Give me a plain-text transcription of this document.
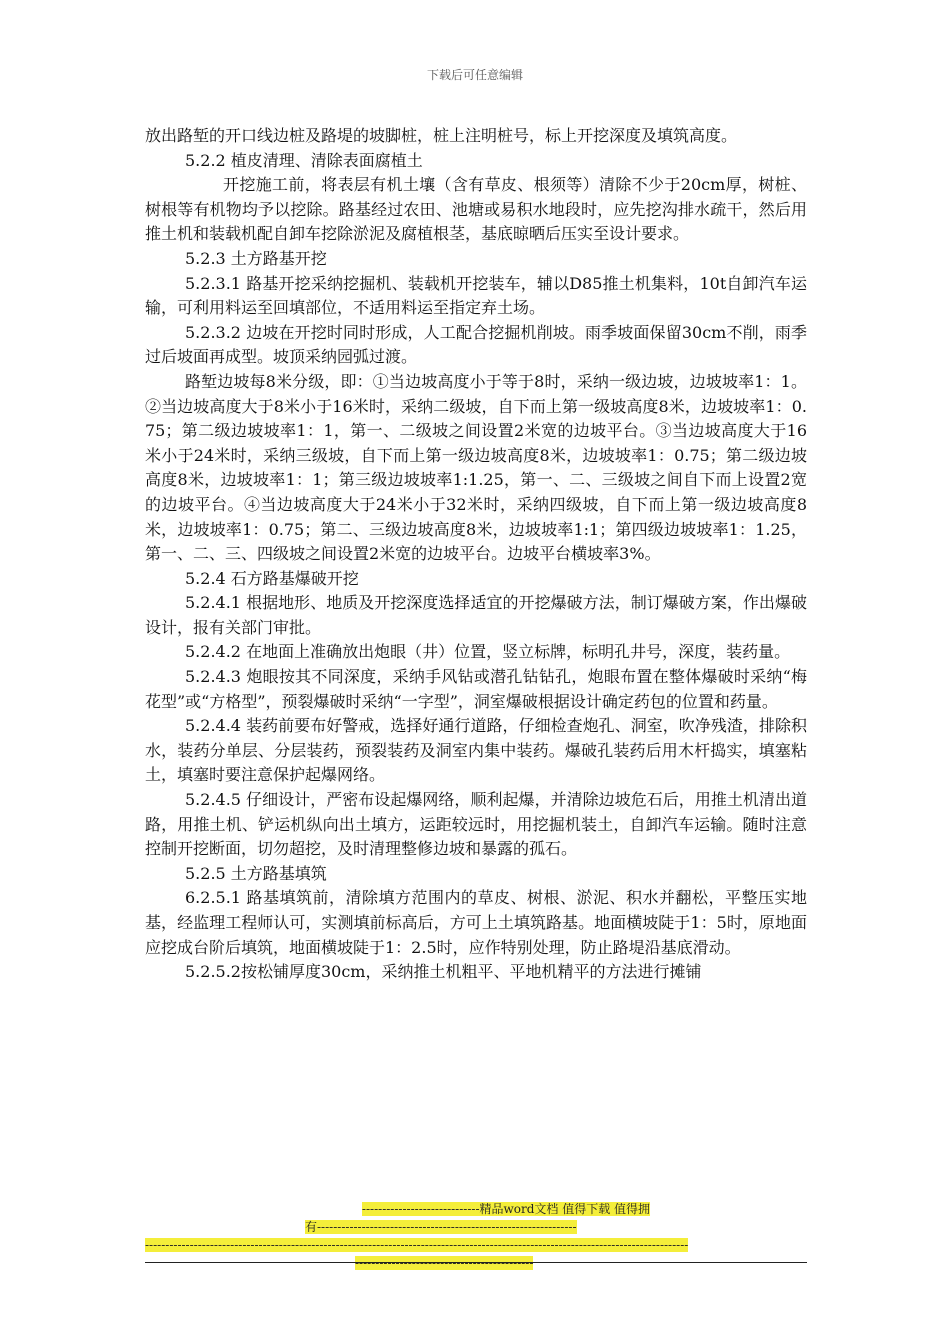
下载后可任意编辑

放出路堑的开口线边桩及路堤的坡脚桩，桩上注明桩号，标上开挖深度及填筑高度。

5.2.2 植皮清理、清除表面腐植土

开挖施工前，将表层有机土壤（含有草皮、根须等）清除不少于20cm厚，树桩、树根等有机物均予以挖除。路基经过农田、池塘或易积水地段时，应先挖沟排水疏干，然后用推土机和装载机配自卸车挖除淤泥及腐植根茎，基底晾晒后压实至设计要求。

5.2.3 土方路基开挖

5.2.3.1 路基开挖采纳挖掘机、装载机开挖装车，辅以D85推土机集料，10t自卸汽车运输，可利用料运至回填部位，不适用料运至指定弃土场。

5.2.3.2 边坡在开挖时同时形成，人工配合挖掘机削坡。雨季坡面保留30cm不削，雨季过后坡面再成型。坡顶采纳园弧过渡。

路堑边坡每8米分级，即：①当边坡高度小于等于8时，采纳一级边坡，边坡坡率1：1。②当边坡高度大于8米小于16米时，采纳二级坡，自下而上第一级坡高度8米，边坡坡率1：0.75；第二级边坡坡率1：1，第一、二级坡之间设置2米宽的边坡平台。③当边坡高度大于16米小于24米时，采纳三级坡，自下而上第一级边坡高度8米，边坡坡率1：0.75；第二级边坡高度8米，边坡坡率1：1；第三级边坡坡率1:1.25，第一、二、三级坡之间自下而上设置2宽的边坡平台。④当边坡高度大于24米小于32米时，采纳四级坡，自下而上第一级边坡高度8米，边坡坡率1：0.75；第二、三级边坡高度8米，边坡坡率1:1；第四级边坡坡率1：1.25，第一、二、三、四级坡之间设置2米宽的边坡平台。边坡平台横坡率3%。

5.2.4 石方路基爆破开挖

5.2.4.1 根据地形、地质及开挖深度选择适宜的开挖爆破方法，制订爆破方案，作出爆破设计，报有关部门审批。

5.2.4.2 在地面上准确放出炮眼（井）位置，竖立标牌，标明孔井号，深度，装药量。

5.2.4.3 炮眼按其不同深度，采纳手风钻或潜孔钻钻孔，炮眼布置在整体爆破时采纳“梅花型”或“方格型”，预裂爆破时采纳“一字型”，洞室爆破根据设计确定药包的位置和药量。

5.2.4.4 装药前要布好警戒，选择好通行道路，仔细检查炮孔、洞室，吹净残渣，排除积水，装药分单层、分层装药，预裂装药及洞室内集中装药。爆破孔装药后用木杆捣实，填塞粘土，填塞时要注意保护起爆网络。

5.2.4.5 仔细设计，严密布设起爆网络，顺利起爆，并清除边坡危石后，用推土机清出道路，用推土机、铲运机纵向出土填方，运距较远时，用挖掘机装土，自卸汽车运输。随时注意控制开挖断面，切勿超挖，及时清理整修边坡和暴露的孤石。

5.2.5 土方路基填筑

6.2.5.1 路基填筑前，清除填方范围内的草皮、树根、淤泥、积水并翻松，平整压实地基，经监理工程师认可，实测填前标高后，方可上土填筑路基。地面横坡陡于1：5时，原地面应挖成台阶后填筑，地面横坡陡于1：2.5时，应作特别处理，防止路堤沿基底滑动。

5.2.5.2按松铺厚度30cm，采纳推土机粗平、平地机精平的方法进行摊铺

-----------------------------精品word文档 值得下载 值得拥
有----------------------------------------------------------------
--------------------------------------------------------------------------------------------------------------------------------------
--------------------------------------------
